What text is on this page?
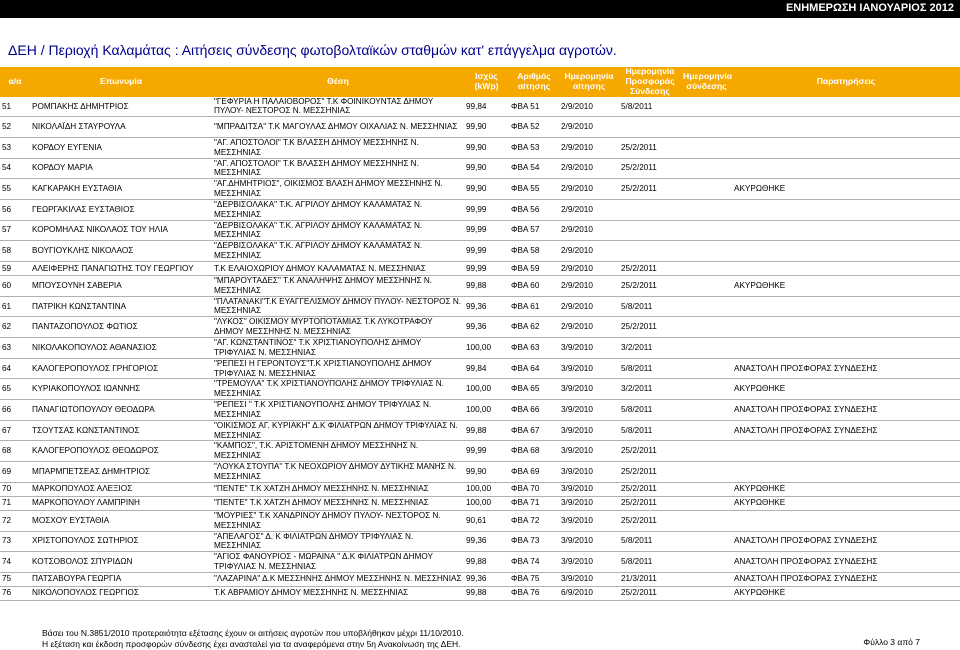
ΕΝΗΜΕΡΩΣΗ ΙΑΝΟΥΑΡΙΟΣ 2012
ΔΕΗ / Περιοχή Καλαμάτας : Αιτήσεις σύνδεσης φωτοβολταϊκών σταθμών κατ' επάγγελμα αγροτών.
α/α	Επωνυμία	Θέση	Ισχύς (kWp)	Αριθμός αίτησης	Ημερομηνία αίτησης	Ημερομηνία Προσφοράς Σύνδεσης	Ημερομηνία σύνδεσης	Παρατηρήσεις
51	ΡΟΜΠΑΚΗΣ ΔΗΜΗΤΡΙΟΣ	"ΓΕΦΥΡΙΑ Η ΠΑΛΑΙΟΒΟΡΟΣ" Τ.Κ ΦΟΙΝΙΚΟΥΝΤΑΣ ΔΗΜΟΥ ΠΥΛΟΥ- ΝΕΣΤΟΡΟΣ Ν. ΜΕΣΣΗΝΙΑΣ	99,84	ΦΒΑ 51	2/9/2010	5/8/2011		
52	ΝΙΚΟΛΑΪΔΗ ΣΤΑΥΡΟΥΛΑ	"ΜΠΡΑΔΙΤΣΑ" Τ.Κ ΜΑΓΟΥΛΑΣ ΔΗΜΟΥ ΟΙΧΑΛΙΑΣ Ν. ΜΕΣΣΗΝΙΑΣ	99,90	ΦΒΑ 52	2/9/2010			
53	ΚΟΡΔΟΥ ΕΥΓΕΝΙΑ	"ΑΓ. ΑΠΟΣΤΟΛΟΙ" Τ.Κ ΒΛΑΣΣΗ ΔΗΜΟΥ ΜΕΣΣΗΝΗΣ Ν. ΜΕΣΣΗΝΙΑΣ	99,90	ΦΒΑ 53	2/9/2010	25/2/2011		
54	ΚΟΡΔΟΥ ΜΑΡΙΑ	"ΑΓ. ΑΠΟΣΤΟΛΟΙ" Τ.Κ ΒΛΑΣΣΗ ΔΗΜΟΥ ΜΕΣΣΗΝΗΣ Ν. ΜΕΣΣΗΝΙΑΣ	99,90	ΦΒΑ 54	2/9/2010	25/2/2011		
55	ΚΑΓΚΑΡΑΚΗ ΕΥΣΤΑΘΙΑ	"ΑΓ.ΔΗΜΗΤΡΙΟΣ", ΟΙΚΙΣΜΟΣ ΒΛΑΣΗ ΔΗΜΟΥ ΜΕΣΣΗΝΗΣ Ν. ΜΕΣΣΗΝΙΑΣ	99,90	ΦΒΑ 55	2/9/2010	25/2/2011		ΑΚΥΡΩΘΗΚΕ
56	ΓΕΩΡΓΑΚΙΛΑΣ ΕΥΣΤΑΘΙΟΣ	"ΔΕΡΒΙΣΟΛΑΚΑ" Τ.Κ. ΑΓΡΙΛΟΥ ΔΗΜΟΥ ΚΑΛΑΜΑΤΑΣ Ν. ΜΕΣΣΗΝΙΑΣ	99,99	ΦΒΑ 56	2/9/2010			
57	ΚΟΡΟΜΗΛΑΣ ΝΙΚΟΛΑΟΣ ΤΟΥ ΗΛΙΑ	"ΔΕΡΒΙΣΟΛΑΚΑ" Τ.Κ. ΑΓΡΙΛΟΥ ΔΗΜΟΥ ΚΑΛΑΜΑΤΑΣ Ν. ΜΕΣΣΗΝΙΑΣ	99,99	ΦΒΑ 57	2/9/2010			
58	ΒΟΥΓΙΟΥΚΛΗΣ ΝΙΚΟΛΑΟΣ	"ΔΕΡΒΙΣΟΛΑΚΑ" Τ.Κ. ΑΓΡΙΛΟΥ ΔΗΜΟΥ ΚΑΛΑΜΑΤΑΣ Ν. ΜΕΣΣΗΝΙΑΣ	99,99	ΦΒΑ 58	2/9/2010			
59	ΑΛΕΙΦΕΡΗΣ ΠΑΝΑΓΙΩΤΗΣ ΤΟΥ ΓΕΩΡΓΙΟΥ	Τ.Κ ΕΛΑΙΟΧΩΡΙΟΥ ΔΗΜΟΥ ΚΑΛΑΜΑΤΑΣ Ν. ΜΕΣΣΗΝΙΑΣ	99,99	ΦΒΑ 59	2/9/2010	25/2/2011		
60	ΜΠΟΥΣΟΥΝΗ ΣΑΒΕΡΙΑ	"ΜΠΑΡΟΥΤΑΔΕΣ" Τ.Κ ΑΝΑΛΗΨΗΣ ΔΗΜΟΥ ΜΕΣΣΗΝΗΣ Ν. ΜΕΣΣΗΝΙΑΣ	99,88	ΦΒΑ 60	2/9/2010	25/2/2011		ΑΚΥΡΩΘΗΚΕ
61	ΠΑΤΡΙΚΗ ΚΩΝΣΤΑΝΤΙΝΑ	"ΠΛΑΤΑΝΑΚΙ"Τ.Κ ΕΥΑΓΓΕΛΙΣΜΟΥ ΔΗΜΟΥ ΠΥΛΟΥ- ΝΕΣΤΟΡΟΣ Ν. ΜΕΣΣΗΝΙΑΣ	99,36	ΦΒΑ 61	2/9/2010	5/8/2011		
62	ΠΑΝΤΑΖΟΠΟΥΛΟΣ ΦΩΤΙΟΣ	"ΛΥΚΟΣ" ΟΙΚΙΣΜΟΥ ΜΥΡΤΟΠΟΤΑΜΙΑΣ Τ.Κ ΛΥΚΟΤΡΑΦΟΥ ΔΗΜΟΥ ΜΕΣΣΗΝΗΣ Ν. ΜΕΣΣΗΝΙΑΣ	99,36	ΦΒΑ 62	2/9/2010	25/2/2011		
63	ΝΙΚΟΛΑΚΟΠΟΥΛΟΣ ΑΘΑΝΑΣΙΟΣ	"ΑΓ. ΚΩΝΣΤΑΝΤΙΝΟΣ" Τ.Κ ΧΡΙΣΤΙΑΝΟΥΠΟΛΗΣ ΔΗΜΟΥ ΤΡΙΦΥΛΙΑΣ Ν. ΜΕΣΣΗΝΙΑΣ	100,00	ΦΒΑ 63	3/9/2010	3/2/2011		
64	ΚΑΛΟΓΕΡΟΠΟΥΛΟΣ ΓΡΗΓΟΡΙΟΣ	"ΡΕΠΕΣΙ Η ΓΕΡΟΝΤΟΥΣ"Τ.Κ ΧΡΙΣΤΙΑΝΟΥΠΟΛΗΣ ΔΗΜΟΥ ΤΡΙΦΥΛΙΑΣ Ν. ΜΕΣΣΗΝΙΑΣ	99,84	ΦΒΑ 64	3/9/2010	5/8/2011		ΑΝΑΣΤΟΛΗ ΠΡΟΣΦΟΡΑΣ ΣΥΝΔΕΣΗΣ
65	ΚΥΡΙΑΚΟΠΟΥΛΟΣ ΙΩΑΝΝΗΣ	"ΤΡΕΜΟΥΛΑ" Τ.Κ ΧΡΙΣΤΙΑΝΟΥΠΟΛΗΣ ΔΗΜΟΥ ΤΡΙΦΥΛΙΑΣ Ν. ΜΕΣΣΗΝΙΑΣ	100,00	ΦΒΑ 65	3/9/2010	3/2/2011		ΑΚΥΡΩΘΗΚΕ
66	ΠΑΝΑΓΙΩΤΟΠΟΥΛΟΥ ΘΕΟΔΩΡΑ	"ΡΕΠΕΣΙ " Τ.Κ ΧΡΙΣΤΙΑΝΟΥΠΟΛΗΣ ΔΗΜΟΥ ΤΡΙΦΥΛΙΑΣ Ν. ΜΕΣΣΗΝΙΑΣ	100,00	ΦΒΑ 66	3/9/2010	5/8/2011		ΑΝΑΣΤΟΛΗ ΠΡΟΣΦΟΡΑΣ ΣΥΝΔΕΣΗΣ
67	ΤΣΟΥΤΣΑΣ ΚΩΝΣΤΑΝΤΙΝΟΣ	"ΟΙΚΙΣΜΟΣ ΑΓ. ΚΥΡΙΑΚΗ" Δ.Κ ΦΙΛΙΑΤΡΩΝ ΔΗΜΟΥ ΤΡΙΦΥΛΙΑΣ Ν. ΜΕΣΣΗΝΙΑΣ	99,88	ΦΒΑ 67	3/9/2010	5/8/2011		ΑΝΑΣΤΟΛΗ ΠΡΟΣΦΟΡΑΣ ΣΥΝΔΕΣΗΣ
68	ΚΑΛΟΓΕΡΟΠΟΥΛΟΣ ΘΕΟΔΩΡΟΣ	"ΚΑΜΠΟΣ", Τ.Κ. ΑΡΙΣΤΟΜΕΝΗ ΔΗΜΟΥ ΜΕΣΣΗΝΗΣ Ν. ΜΕΣΣΗΝΙΑΣ	99,99	ΦΒΑ 68	3/9/2010	25/2/2011		
69	ΜΠΑΡΜΠΕΤΣΕΑΣ ΔΗΜΗΤΡΙΟΣ	"ΛΟΥΚΑ ΣΤΟΥΠΑ" Τ.Κ ΝΕΟΧΩΡΙΟΥ ΔΗΜΟΥ ΔΥΤΙΚΗΣ ΜΑΝΗΣ Ν. ΜΕΣΣΗΝΙΑΣ	99,90	ΦΒΑ 69	3/9/2010	25/2/2011		
70	ΜΑΡΚΟΠΟΥΛΟΣ ΑΛΕΞΙΟΣ	"ΠΕΝΤΕ" Τ.Κ ΧΑΤΖΗ ΔΗΜΟΥ ΜΕΣΣΗΝΗΣ Ν. ΜΕΣΣΗΝΙΑΣ	100,00	ΦΒΑ 70	3/9/2010	25/2/2011		ΑΚΥΡΩΘΗΚΕ
71	ΜΑΡΚΟΠΟΥΛΟΥ ΛΑΜΠΡΙΝΗ	"ΠΕΝΤΕ" Τ.Κ ΧΑΤΖΗ ΔΗΜΟΥ ΜΕΣΣΗΝΗΣ Ν. ΜΕΣΣΗΝΙΑΣ	100,00	ΦΒΑ 71	3/9/2010	25/2/2011		ΑΚΥΡΩΘΗΚΕ
72	ΜΟΣΧΟΥ ΕΥΣΤΑΘΙΑ	"ΜΟΥΡΙΕΣ" Τ.Κ ΧΑΝΔΡΙΝΟΥ ΔΗΜΟΥ ΠΥΛΟΥ- ΝΕΣΤΟΡΟΣ Ν. ΜΕΣΣΗΝΙΑΣ	90,61	ΦΒΑ 72	3/9/2010	25/2/2011		
73	ΧΡΙΣΤΟΠΟΥΛΟΣ ΣΩΤΗΡΙΟΣ	"ΑΠΕΛΑΓΟΣ" Δ. Κ ΦΙΛΙΑΤΡΩΝ ΔΗΜΟΥ ΤΡΙΦΥΛΙΑΣ Ν. ΜΕΣΣΗΝΙΑΣ	99,36	ΦΒΑ 73	3/9/2010	5/8/2011		ΑΝΑΣΤΟΛΗ ΠΡΟΣΦΟΡΑΣ ΣΥΝΔΕΣΗΣ
74	ΚΟΤΣΟΒΟΛΟΣ ΣΠΥΡΙΔΩΝ	"ΑΓΙΟΣ ΦΑΝΟΥΡΙΟΣ - ΜΩΡΑΙΝΑ " Δ.Κ ΦΙΛΙΑΤΡΩΝ ΔΗΜΟΥ ΤΡΙΦΥΛΙΑΣ Ν. ΜΕΣΣΗΝΙΑΣ	99,88	ΦΒΑ 74	3/9/2010	5/8/2011		ΑΝΑΣΤΟΛΗ ΠΡΟΣΦΟΡΑΣ ΣΥΝΔΕΣΗΣ
75	ΠΑΤΣΑΒΟΥΡΑ ΓΕΩΡΓΙΑ	"ΛΑΖΑΡΙΝΑ" Δ.Κ ΜΕΣΣΗΝΗΣ ΔΗΜΟΥ ΜΕΣΣΗΝΗΣ Ν. ΜΕΣΣΗΝΙΑΣ	99,36	ΦΒΑ 75	3/9/2010	21/3/2011		ΑΝΑΣΤΟΛΗ ΠΡΟΣΦΟΡΑΣ ΣΥΝΔΕΣΗΣ
76	ΝΙΚΟΛΟΠΟΥΛΟΣ ΓΕΩΡΓΙΟΣ	Τ.Κ ΑΒΡΑΜΙΟΥ ΔΗΜΟΥ ΜΕΣΣΗΝΗΣ Ν. ΜΕΣΣΗΝΙΑΣ	99,88	ΦΒΑ 76	6/9/2010	25/2/2011		ΑΚΥΡΩΘΗΚΕ
Βάσει του Ν.3851/2010 προτεραιότητα εξέτασης έχουν οι αιτήσεις αγροτών που υποβλήθηκαν μέχρι 11/10/2010.
Η εξέταση και έκδοση προσφορών σύνδεσης έχει ανασταλεί για τα αναφερόμενα στην 5η Ανακοίνωση της ΔΕΗ.	Φύλλο 3 από 7
